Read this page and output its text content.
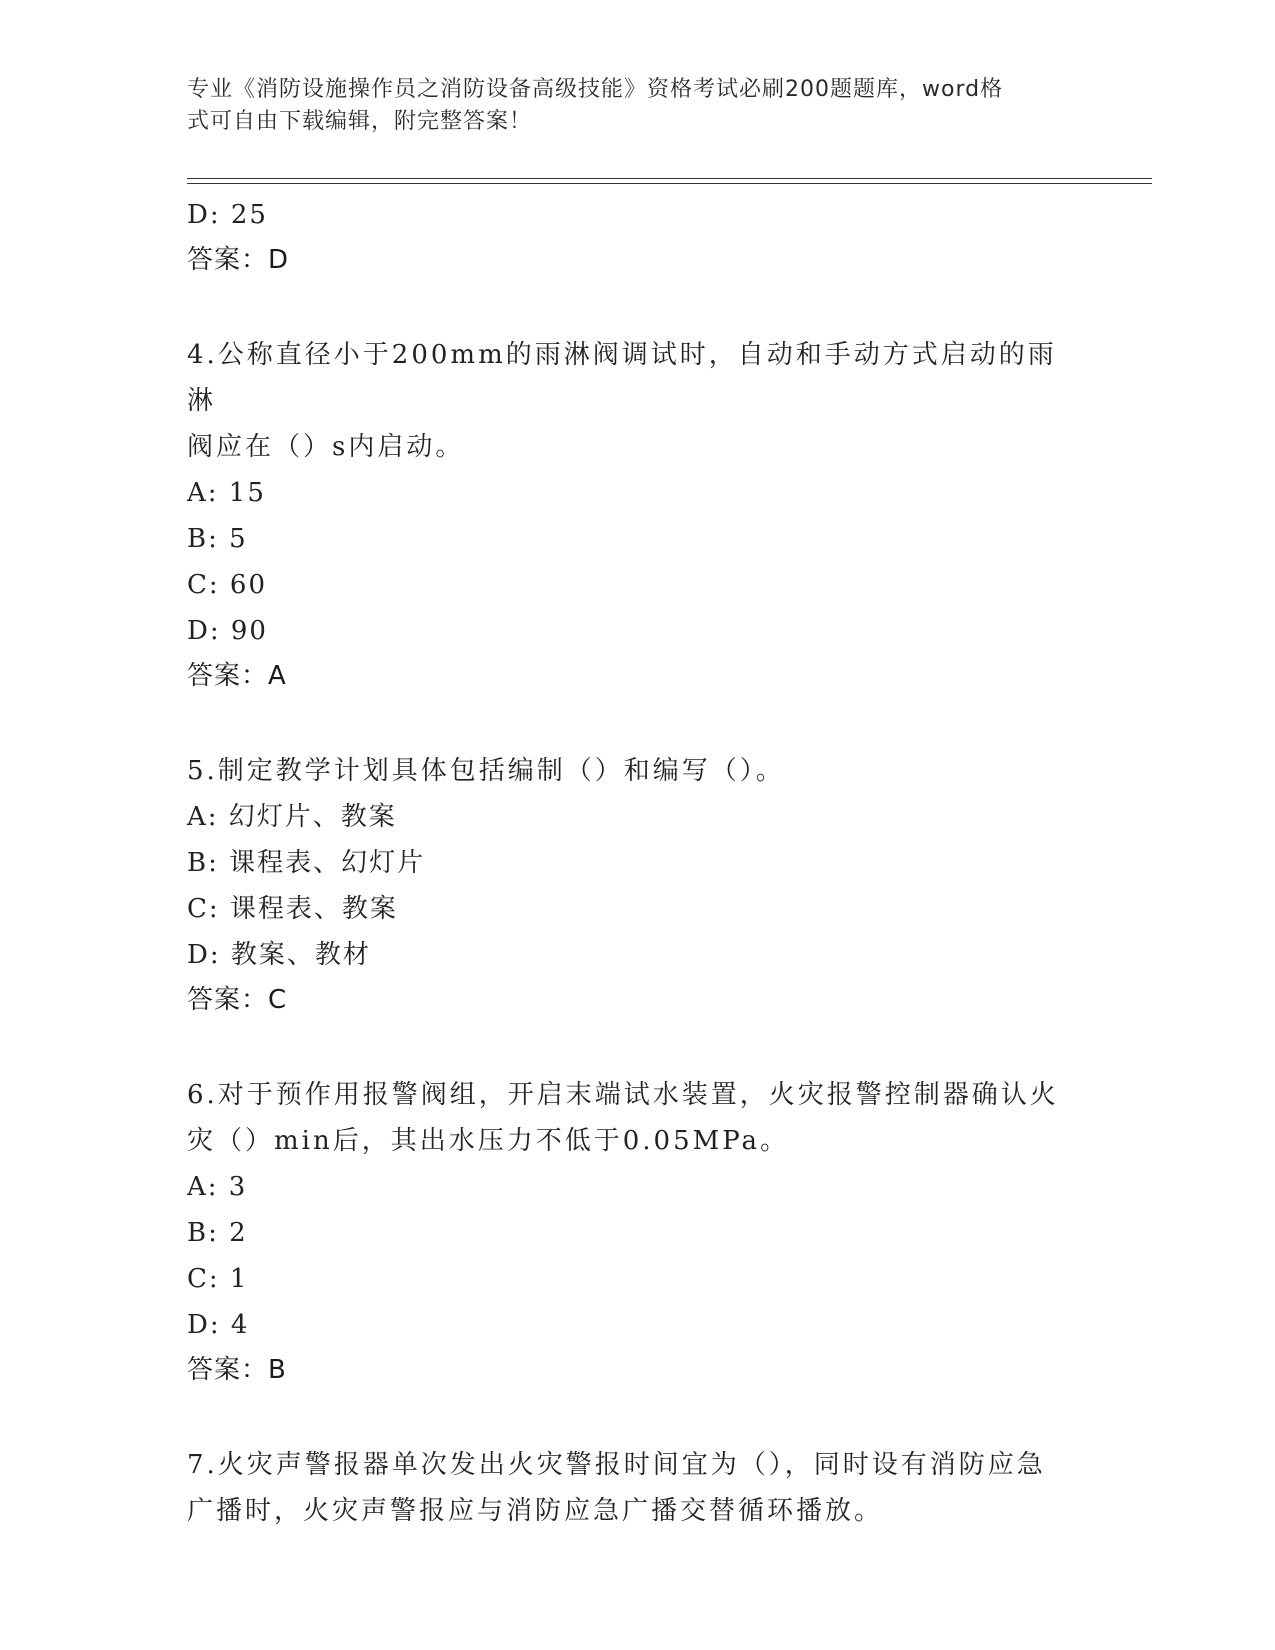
专业《消防设施操作员之消防设备高级技能》资格考试必刷200题题库，word格
式可自由下载编辑，附完整答案！
D: 25
答案：D
4.公称直径小于200mm的雨淋阀调试时，自动和手动方式启动的雨淋
阀应在（）s内启动。
A: 15
B: 5
C: 60
D: 90
答案：A
5.制定教学计划具体包括编制（）和编写（）。
A: 幻灯片、教案
B: 课程表、幻灯片
C: 课程表、教案
D: 教案、教材
答案：C
6.对于预作用报警阀组，开启末端试水装置，火灾报警控制器确认火
灾（）min后，其出水压力不低于0.05MPa。
A: 3
B: 2
C: 1
D: 4
答案：B
7.火灾声警报器单次发出火灾警报时间宜为（），同时设有消防应急
广播时，火灾声警报应与消防应急广播交替循环播放。
